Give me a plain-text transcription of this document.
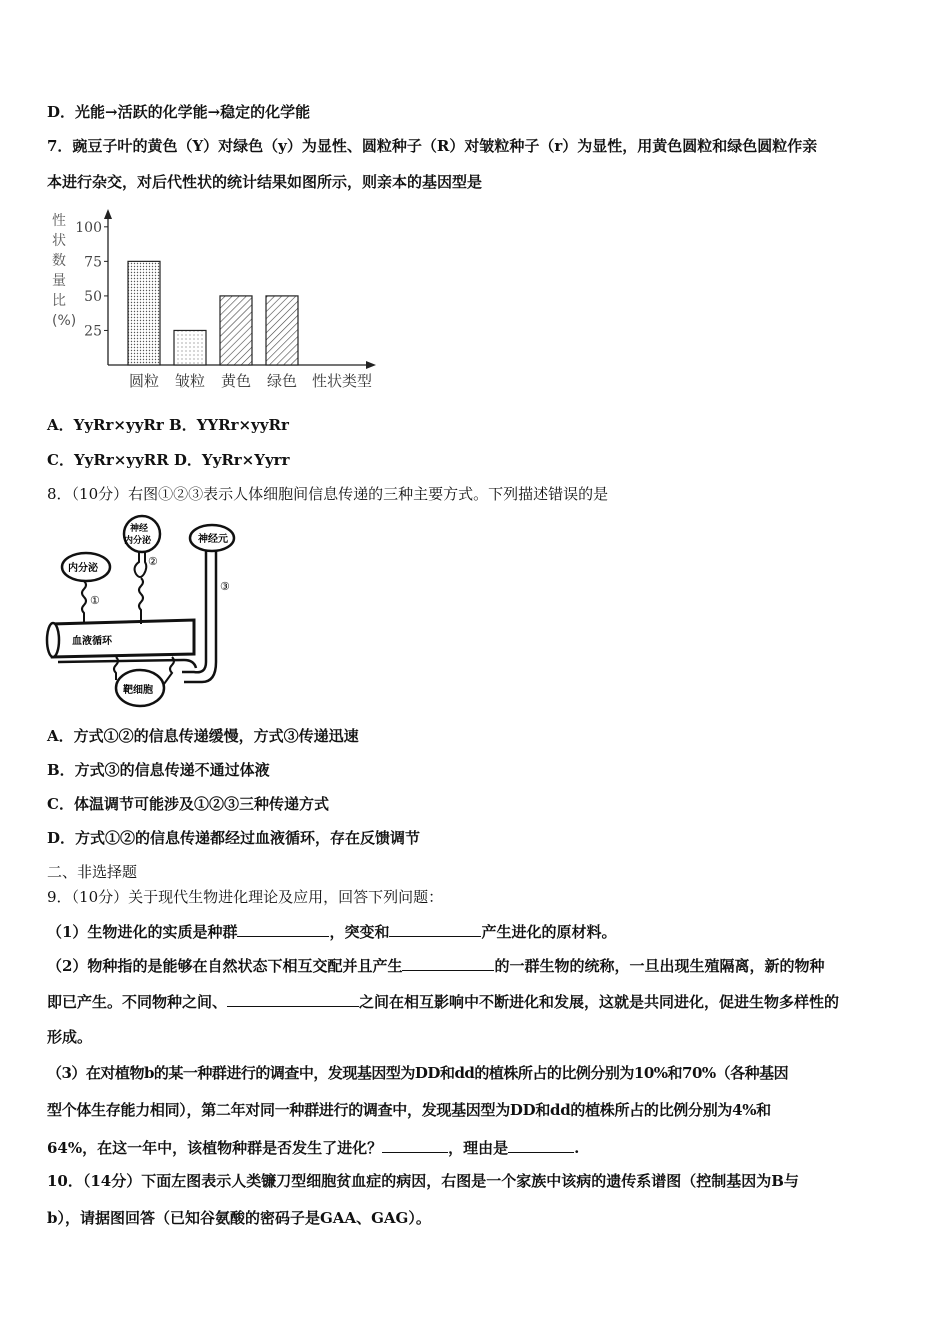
D．光能→活跃的化学能→稳定的化学能
7．豌豆子叶的黄色（Y）对绿色（y）为显性、圆粒种子（R）对皱粒种子（r）为显性，用黄色圆粒和绿色圆粒作亲
本进行杂交，对后代性状的统计结果如图所示，则亲本的基因型是
性
状
数
量
比
(%)
25
50
75
100
圆粒 皱粒 黄色 绿色 性状类型
A．YyRr×yyRr B．YYRr×yyRr
C．YyRr×yyRR D．YyRr×Yyrr
8．（10分）右图①②③表示人体细胞间信息传递的三种主要方式。下列描述错误的是
血液循环
内分泌
①
神经
内分泌
②
神经元
③
靶细胞
A．方式①②的信息传递缓慢，方式③传递迅速
B．方式③的信息传递不通过体液
C．体温调节可能涉及①②③三种传递方式
D．方式①②的信息传递都经过血液循环，存在反馈调节
二、非选择题
9．（10分）关于现代生物进化理论及应用，回答下列问题：
（1）生物进化的实质是种群	，突变和	产生进化的原材料。
（2）物种指的是能够在自然状态下相互交配并且产生	的一群生物的统称，一旦出现生殖隔离，新的物种
即已产生。不同物种之间、	之间在相互影响中不断进化和发展，这就是共同进化，促进生物多样性的
形成。
（3）在对植物b的某一种群进行的调查中，发现基因型为DD和dd的植株所占的比例分别为10%和70%（各种基因
型个体生存能力相同），第二年对同一种群进行的调查中，发现基因型为DD和dd的植株所占的比例分别为4%和
64%，在这一年中，该植物种群是否发生了进化？	，理由是	.
10．（14分）下面左图表示人类镰刀型细胞贫血症的病因，右图是一个家族中该病的遗传系谱图（控制基因为B与
b），请据图回答（已知谷氨酸的密码子是GAA、GAG）。
